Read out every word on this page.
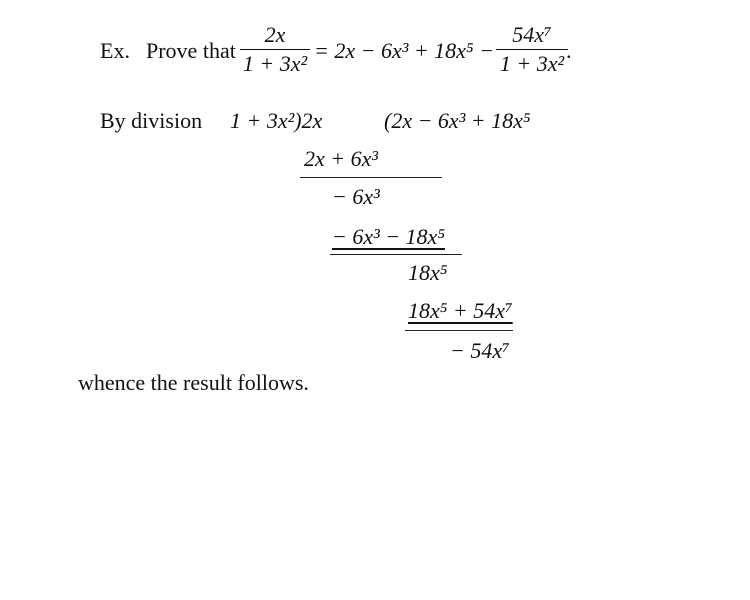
Ex. Prove that
2x
1 + 3x²
= 2x − 6x³ + 18x⁵ −
54x⁷
1 + 3x²
.
By division 1 + 3x²)2x	(2x − 6x³ + 18x⁵
2x + 6x³
− 6x³
− 6x³ − 18x⁵
18x⁵
18x⁵ + 54x⁷
− 54x⁷
whence the result follows.
